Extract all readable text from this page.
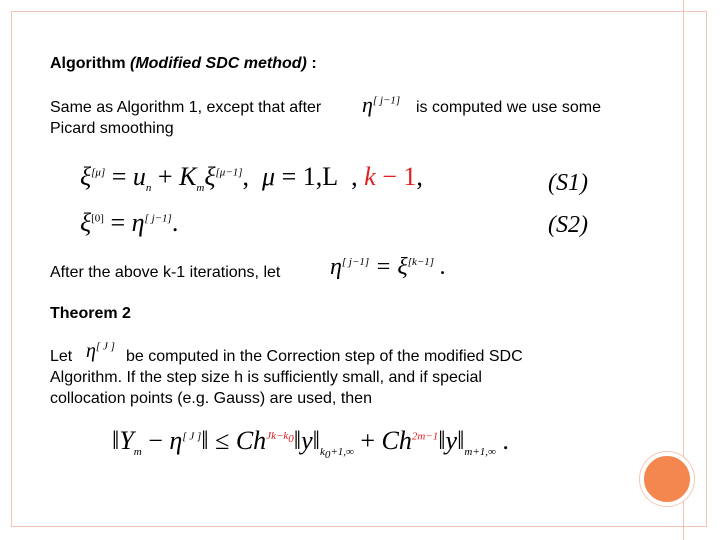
Algorithm (Modified SDC method) :
Same as Algorithm 1, except that after η[ j−1] is computed we use some
Picard smoothing
$\xi[\mu] = u_n + K_m\xi[\mu-1]$,  μ = 1,L  , k − 1,	(S1)
ξ[0] = η[ j−1].	(S2)
After the above k-1 iterations, let η[ j−1] = ξ[k−1] .
Theorem 2
Let η[ J ]
be computed in the Correction step of the modified SDC
Algorithm. If the step size h is sufficiently small, and if special
collocation points (e.g. Gauss) are used, then
$‖Y_m$ − η[ J ]‖ ≤ $Ch^{Jk-k_0}‖y‖_{k_0+1,\infty}$ + $Ch^{2m-1}‖y‖_{m+1,\infty}$ .
